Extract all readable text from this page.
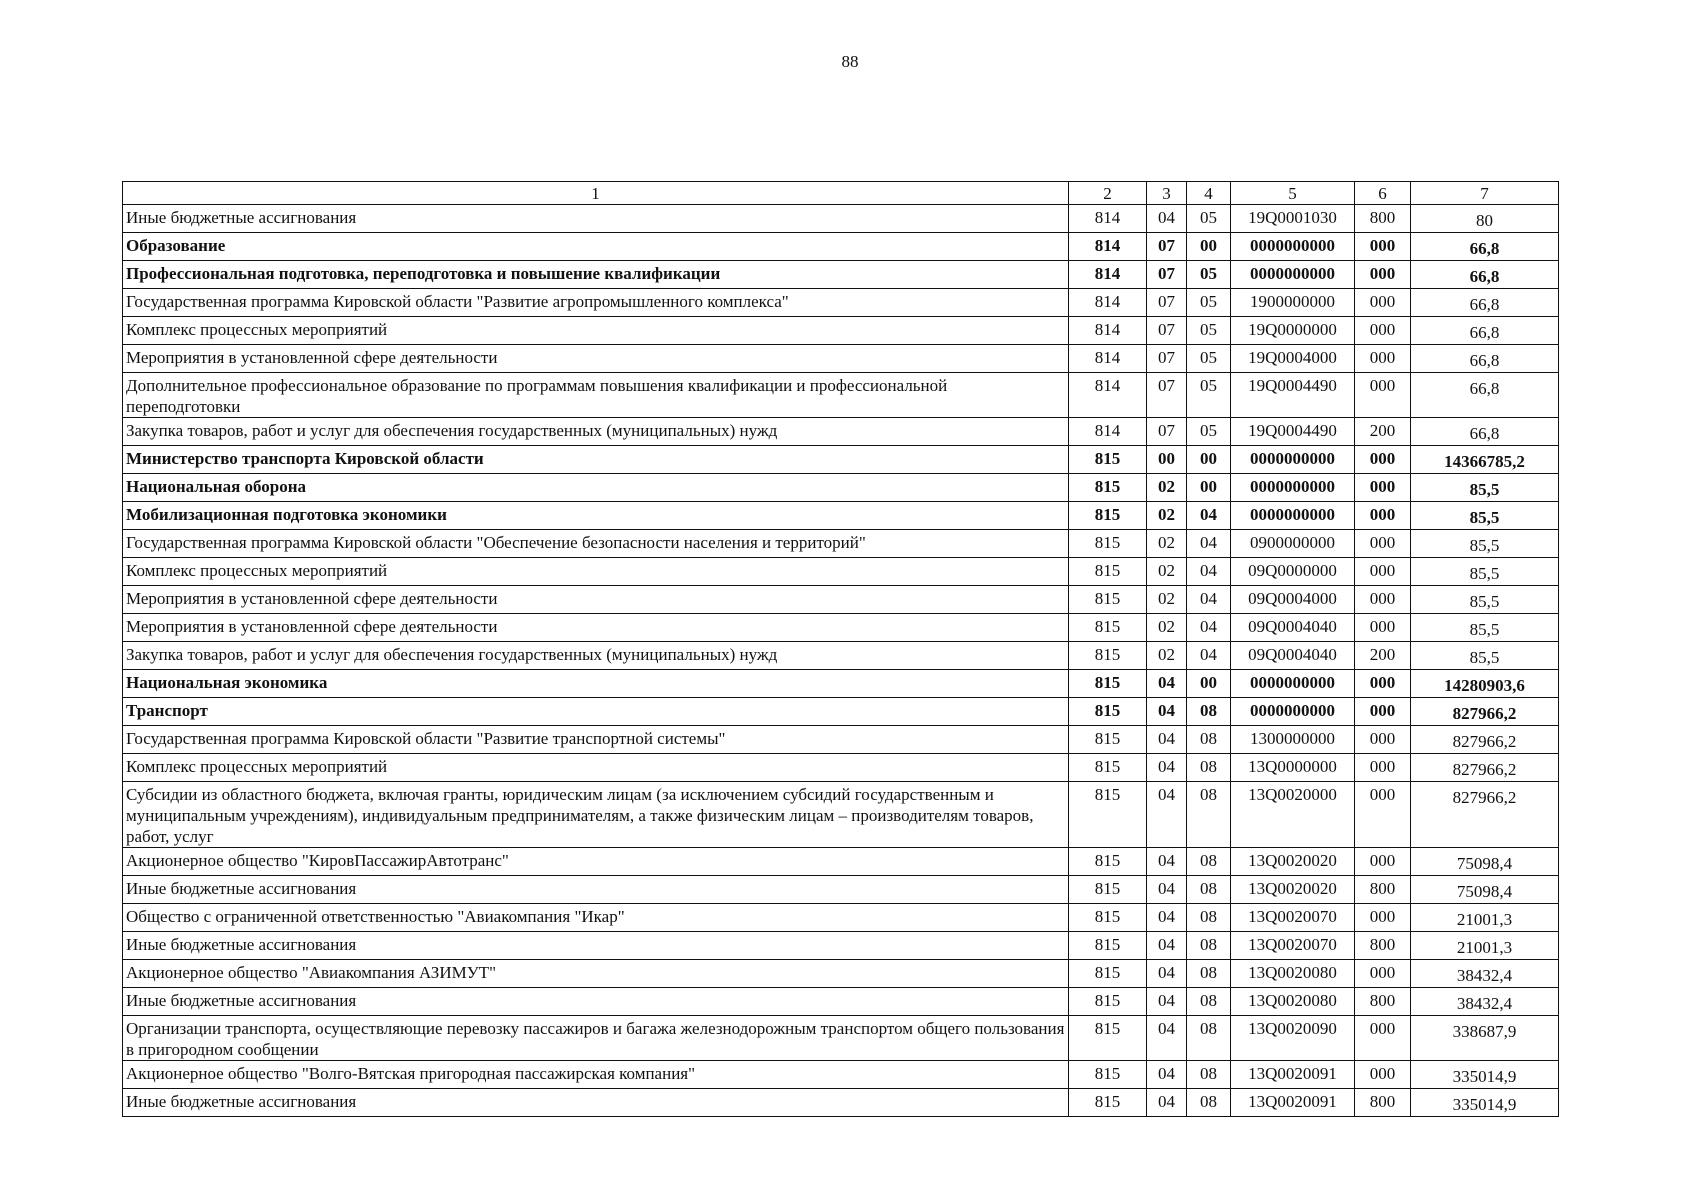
88
1	2	3	4	5	6	7
Иные бюджетные ассигнования	814	04	05	19Q0001030	800	80
Образование	814	07	00	0000000000	000	66,8
Профессиональная подготовка, переподготовка и повышение квалификации	814	07	05	0000000000	000	66,8
Государственная программа Кировской области "Развитие агропромышленного комплекса"	814	07	05	1900000000	000	66,8
Комплекс процессных мероприятий	814	07	05	19Q0000000	000	66,8
Мероприятия в установленной сфере деятельности	814	07	05	19Q0004000	000	66,8
Дополнительное профессиональное образование по программам повышения квалификации и профессиональной переподготовки	814	07	05	19Q0004490	000	66,8
Закупка товаров, работ и услуг для обеспечения государственных (муниципальных) нужд	814	07	05	19Q0004490	200	66,8
Министерство транспорта Кировской области	815	00	00	0000000000	000	14366785,2
Национальная оборона	815	02	00	0000000000	000	85,5
Мобилизационная подготовка экономики	815	02	04	0000000000	000	85,5
Государственная программа Кировской области "Обеспечение безопасности населения и территорий"	815	02	04	0900000000	000	85,5
Комплекс процессных мероприятий	815	02	04	09Q0000000	000	85,5
Мероприятия в установленной сфере деятельности	815	02	04	09Q0004000	000	85,5
Мероприятия в установленной сфере деятельности	815	02	04	09Q0004040	000	85,5
Закупка товаров, работ и услуг для обеспечения государственных (муниципальных) нужд	815	02	04	09Q0004040	200	85,5
Национальная экономика	815	04	00	0000000000	000	14280903,6
Транспорт	815	04	08	0000000000	000	827966,2
Государственная программа Кировской области "Развитие транспортной системы"	815	04	08	1300000000	000	827966,2
Комплекс процессных мероприятий	815	04	08	13Q0000000	000	827966,2
Субсидии из областного бюджета, включая гранты, юридическим лицам (за исключением субсидий государственным и муниципальным учреждениям), индивидуальным предпринимателям, а также физическим лицам – производителям товаров, работ, услуг	815	04	08	13Q0020000	000	827966,2
Акционерное общество "КировПассажирАвтотранс"	815	04	08	13Q0020020	000	75098,4
Иные бюджетные ассигнования	815	04	08	13Q0020020	800	75098,4
Общество с ограниченной ответственностью "Авиакомпания "Икар"	815	04	08	13Q0020070	000	21001,3
Иные бюджетные ассигнования	815	04	08	13Q0020070	800	21001,3
Акционерное общество "Авиакомпания АЗИМУТ"	815	04	08	13Q0020080	000	38432,4
Иные бюджетные ассигнования	815	04	08	13Q0020080	800	38432,4
Организации транспорта, осуществляющие перевозку пассажиров и багажа железнодорожным транспортом общего пользования в пригородном сообщении	815	04	08	13Q0020090	000	338687,9
Акционерное общество "Волго-Вятская пригородная пассажирская компания"	815	04	08	13Q0020091	000	335014,9
Иные бюджетные ассигнования	815	04	08	13Q0020091	800	335014,9
